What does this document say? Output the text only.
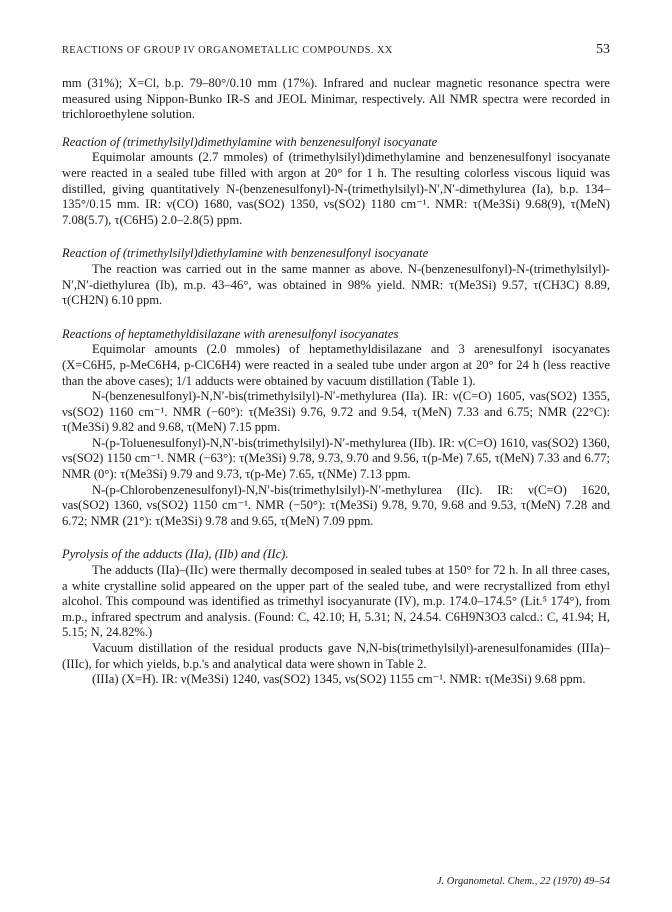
REACTIONS OF GROUP IV ORGANOMETALLIC COMPOUNDS. XX	53

mm (31%); X=Cl, b.p. 79–80°/0.10 mm (17%). Infrared and nuclear magnetic resonance spectra were measured using Nippon-Bunko IR-S and JEOL Minimar, respectively. All NMR spectra were recorded in trichloroethylene solution.

Reaction of (trimethylsilyl)dimethylamine with benzenesulfonyl isocyanate

Equimolar amounts (2.7 mmoles) of (trimethylsilyl)dimethylamine and benzenesulfonyl isocyanate were reacted in a sealed tube filled with argon at 20° for 1 h. The resulting colorless viscous liquid was distilled, giving quantitatively N-(benzenesulfonyl)-N-(trimethylsilyl)-N′,N′-dimethylurea (Ia), b.p. 134–135°/0.15 mm. IR: ν(CO) 1680, νas(SO2) 1350, νs(SO2) 1180 cm⁻¹. NMR: τ(Me3Si) 9.68(9), τ(MeN) 7.08(5.7), τ(C6H5) 2.0–2.8(5) ppm.

Reaction of (trimethylsilyl)diethylamine with benzenesulfonyl isocyanate

The reaction was carried out in the same manner as above. N-(benzenesulfonyl)-N-(trimethylsilyl)-N′,N′-diethylurea (Ib), m.p. 43–46°, was obtained in 98% yield. NMR: τ(Me3Si) 9.57, τ(CH3C) 8.89, τ(CH2N) 6.10 ppm.

Reactions of heptamethyldisilazane with arenesulfonyl isocyanates

Equimolar amounts (2.0 mmoles) of heptamethyldisilazane and 3 arenesulfonyl isocyanates (X=C6H5, p-MeC6H4, p-ClC6H4) were reacted in a sealed tube under argon at 20° for 24 h (less reactive than the above cases); 1/1 adducts were obtained by vacuum distillation (Table 1).

N-(benzenesulfonyl)-N,N′-bis(trimethylsilyl)-N′-methylurea (IIa). IR: ν(C=O) 1605, νas(SO2) 1355, νs(SO2) 1160 cm⁻¹. NMR (−60°): τ(Me3Si) 9.76, 9.72 and 9.54, τ(MeN) 7.33 and 6.75; NMR (22°C): τ(Me3Si) 9.82 and 9.68, τ(MeN) 7.15 ppm.

N-(p-Toluenesulfonyl)-N,N′-bis(trimethylsilyl)-N′-methylurea (IIb). IR: ν(C=O) 1610, νas(SO2) 1360, νs(SO2) 1150 cm⁻¹. NMR (−63°): τ(Me3Si) 9.78, 9.73, 9.70 and 9.56, τ(p-Me) 7.65, τ(MeN) 7.33 and 6.77; NMR (0°): τ(Me3Si) 9.79 and 9.73, τ(p-Me) 7.65, τ(NMe) 7.13 ppm.

N-(p-Chlorobenzenesulfonyl)-N,N′-bis(trimethylsilyl)-N′-methylurea (IIc). IR: ν(C=O) 1620, νas(SO2) 1360, νs(SO2) 1150 cm⁻¹. NMR (−50°): τ(Me3Si) 9.78, 9.70, 9.68 and 9.53, τ(MeN) 7.28 and 6.72; NMR (21°): τ(Me3Si) 9.78 and 9.65, τ(MeN) 7.09 ppm.

Pyrolysis of the adducts (IIa), (IIb) and (IIc).

The adducts (IIa)–(IIc) were thermally decomposed in sealed tubes at 150° for 72 h. In all three cases, a white crystalline solid appeared on the upper part of the sealed tube, and were recrystallized from ethyl alcohol. This compound was identified as trimethyl isocyanurate (IV), m.p. 174.0–174.5° (Lit.⁵ 174°), from m.p., infrared spectrum and analysis. (Found: C, 42.10; H, 5.31; N, 24.54. C6H9N3O3 calcd.: C, 41.94; H, 5.15; N, 24.82%.)

Vacuum distillation of the residual products gave N,N-bis(trimethylsilyl)-arenesulfonamides (IIIa)–(IIIc), for which yields, b.p.'s and analytical data were shown in Table 2.

(IIIa) (X=H). IR: ν(Me3Si) 1240, νas(SO2) 1345, νs(SO2) 1155 cm⁻¹. NMR: τ(Me3Si) 9.68 ppm.

J. Organometal. Chem., 22 (1970) 49–54
